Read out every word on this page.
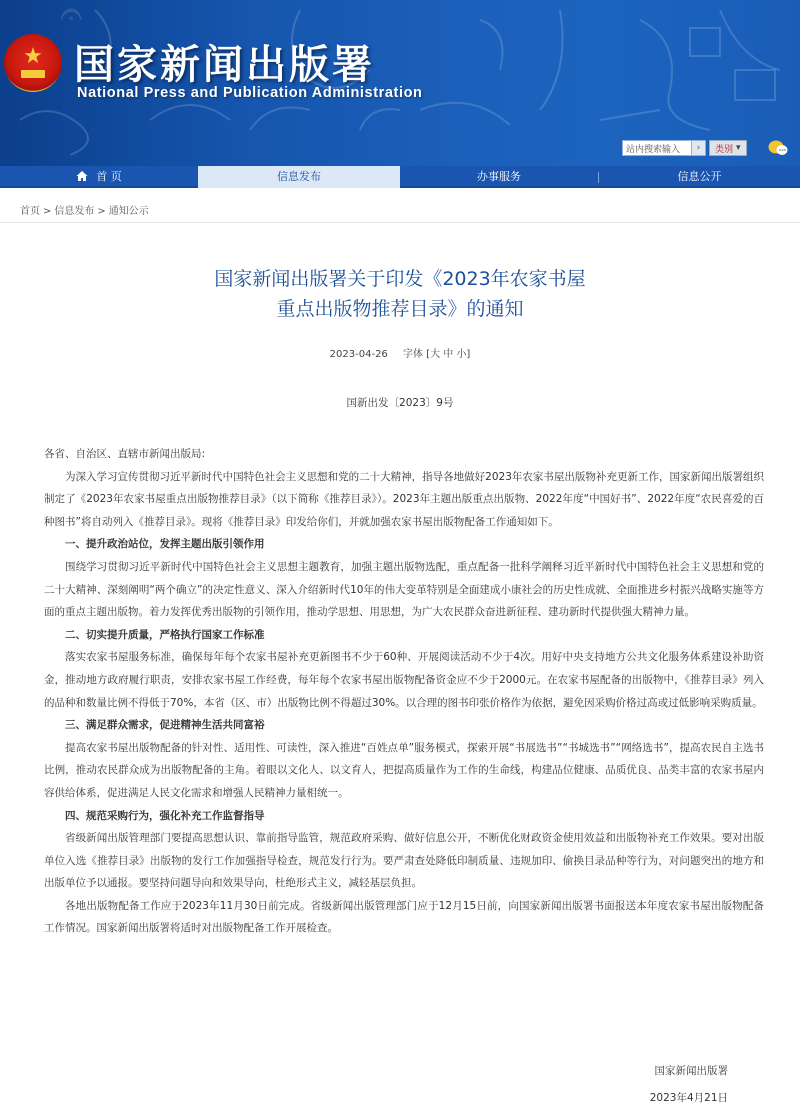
𝄐
★ 国家新闻出版署
National Press and Publication Administration
站内搜索输入
›	类别 ▾
首 页	信息发布	办事服务	信息公开
首页 > 信息发布 > 通知公示
国家新闻出版署关于印发《2023年农家书屋
重点出版物推荐目录》的通知
2023-04-26 字体 [大 中 小]
国新出发〔2023〕9号

各省、自治区、直辖市新闻出版局:

为深入学习宣传贯彻习近平新时代中国特色社会主义思想和党的二十大精神，指导各地做好2023年农家书屋出版物补充更新工作，国家新闻出版署组织制定了《2023年农家书屋重点出版物推荐目录》（以下简称《推荐目录》）。2023年主题出版重点出版物、2022年度“中国好书”、2022年度“农民喜爱的百种图书”将自动列入《推荐目录》。现将《推荐目录》印发给你们，并就加强农家书屋出版物配备工作通知如下。

一、提升政治站位，发挥主题出版引领作用

围绕学习贯彻习近平新时代中国特色社会主义思想主题教育，加强主题出版物选配，重点配备一批科学阐释习近平新时代中国特色社会主义思想和党的二十大精神、深刻阐明“两个确立”的决定性意义、深入介绍新时代10年的伟大变革特别是全面建成小康社会的历史性成就、全面推进乡村振兴战略实施等方面的重点主题出版物。着力发挥优秀出版物的引领作用，推动学思想、用思想，为广大农民群众奋进新征程、建功新时代提供强大精神力量。

二、切实提升质量，严格执行国家工作标准

落实农家书屋服务标准，确保每年每个农家书屋补充更新图书不少于60种、开展阅读活动不少于4次。用好中央支持地方公共文化服务体系建设补助资金，推动地方政府履行职责，安排农家书屋工作经费，每年每个农家书屋出版物配备资金应不少于2000元。在农家书屋配备的出版物中，《推荐目录》列入的品种和数量比例不得低于70%，本省（区、市）出版物比例不得超过30%。以合理的图书印张价格作为依据，避免因采购价格过高或过低影响采购质量。

三、满足群众需求，促进精神生活共同富裕

提高农家书屋出版物配备的针对性、适用性、可读性，深入推进“百姓点单”服务模式，探索开展“书展选书”“书城选书”“网络选书”，提高农民自主选书比例，推动农民群众成为出版物配备的主角。着眼以文化人、以文育人，把提高质量作为工作的生命线，构建品位健康、品质优良、品类丰富的农家书屋内容供给体系，促进满足人民文化需求和增强人民精神力量相统一。

四、规范采购行为，强化补充工作监督指导

省级新闻出版管理部门要提高思想认识、靠前指导监管，规范政府采购、做好信息公开，不断优化财政资金使用效益和出版物补充工作效果。要对出版单位入选《推荐目录》出版物的发行工作加强指导检查，规范发行行为。要严肃查处降低印制质量、违规加印、偷换目录品种等行为，对问题突出的地方和出版单位予以通报。要坚持问题导向和效果导向，杜绝形式主义，减轻基层负担。

各地出版物配备工作应于2023年11月30日前完成。省级新闻出版管理部门应于12月15日前，向国家新闻出版署书面报送本年度农家书屋出版物配备工作情况。国家新闻出版署将适时对出版物配备工作开展检查。

国家新闻出版署
2023年4月21日
